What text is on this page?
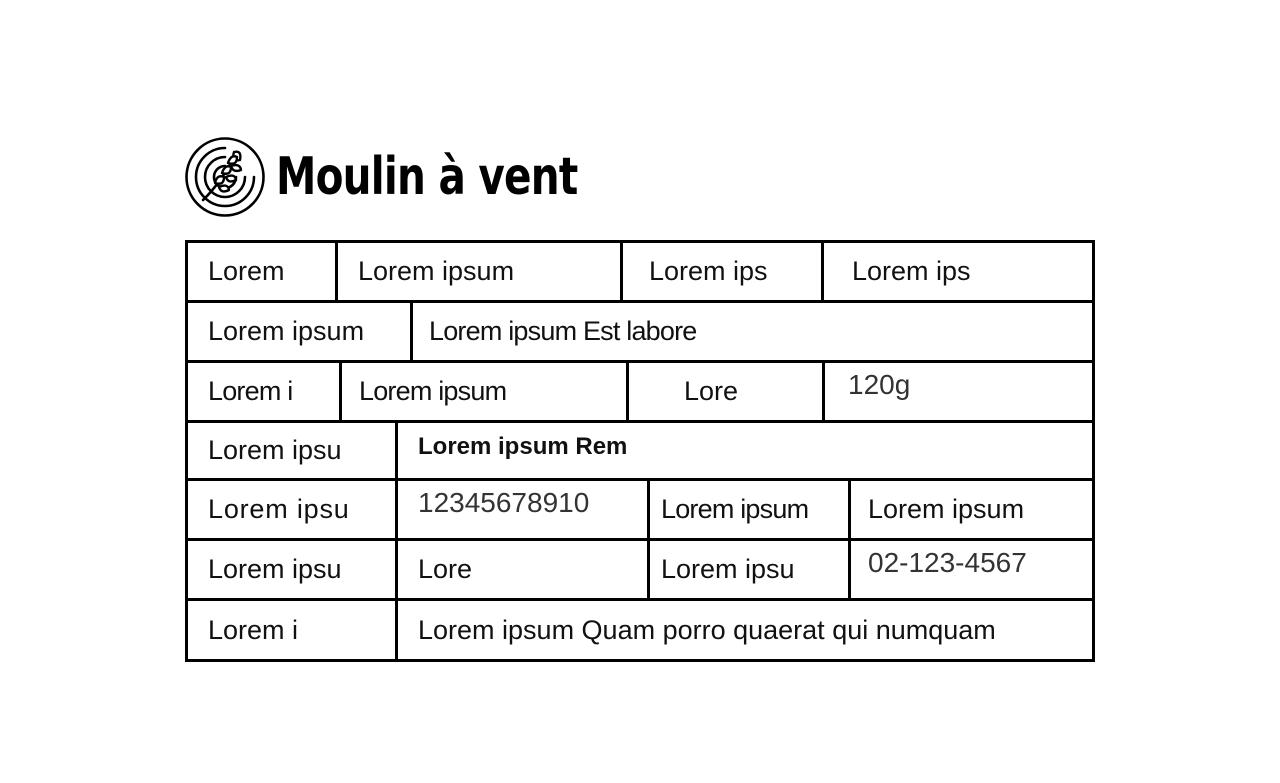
Moulin à vent
Lorem	Lorem ipsum	Lorem ips	Lorem ips
Lorem ipsum	Lorem ipsum Est labore
Lorem i	Lorem ipsum	Lore	120g
Lorem ipsu	Lorem ipsum Rem
Lorem ipsu	12345678910	Lorem ipsum	Lorem ipsum
Lorem ipsu	Lore	Lorem ipsu	02-123-4567
Lorem i	Lorem ipsum Quam porro quaerat qui numquam
